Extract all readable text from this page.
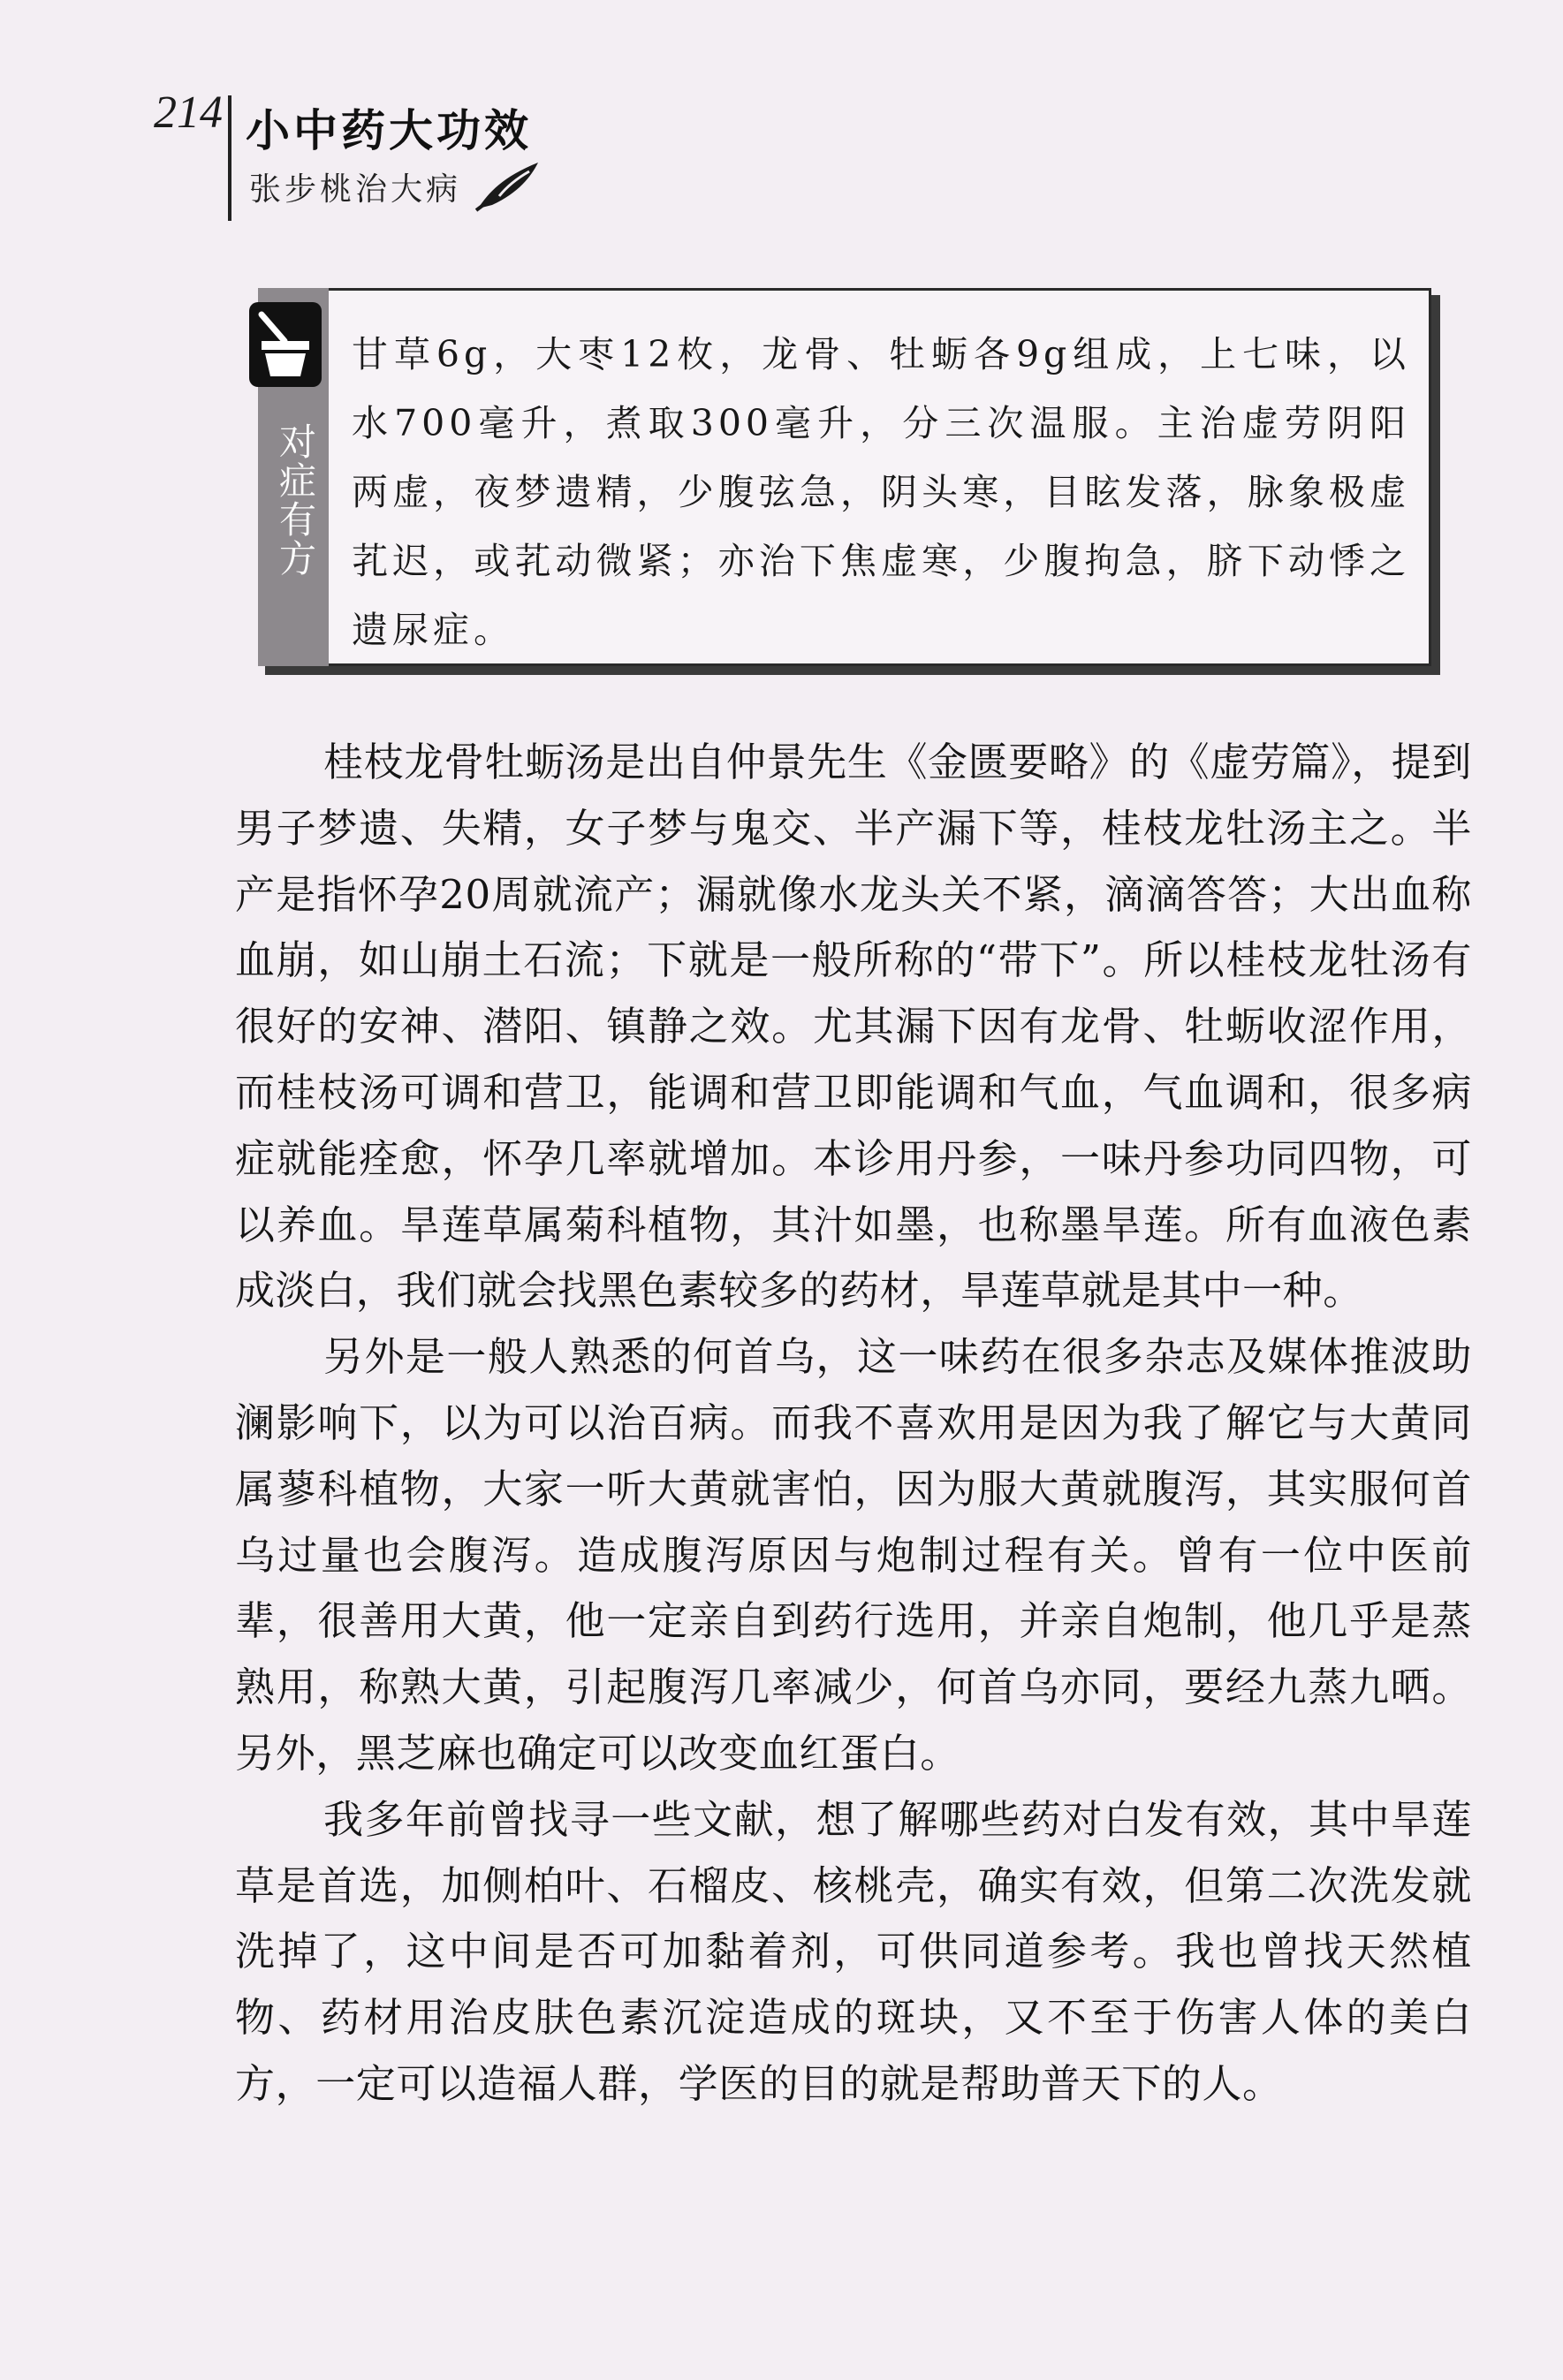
214 小中药大功效
张步桃治大病
对症有方
甘草6g，大枣12枚，龙骨、牡蛎各9g组成，上七味，以水700毫升，煮取300毫升，分三次温服。主治虚劳阴阳两虚，夜梦遗精，少腹弦急，阴头寒，目眩发落，脉象极虚芤迟，或芤动微紧；亦治下焦虚寒，少腹拘急，脐下动悸之遗尿症。

桂枝龙骨牡蛎汤是出自仲景先生《金匮要略》的《虚劳篇》，提到男子梦遗、失精，女子梦与鬼交、半产漏下等，桂枝龙牡汤主之。半产是指怀孕20周就流产；漏就像水龙头关不紧，滴滴答答；大出血称血崩，如山崩土石流；下就是一般所称的“带下”。所以桂枝龙牡汤有很好的安神、潜阳、镇静之效。尤其漏下因有龙骨、牡蛎收涩作用，而桂枝汤可调和营卫，能调和营卫即能调和气血，气血调和，很多病症就能痊愈，怀孕几率就增加。本诊用丹参，一味丹参功同四物，可以养血。旱莲草属菊科植物，其汁如墨，也称墨旱莲。所有血液色素成淡白，我们就会找黑色素较多的药材，旱莲草就是其中一种。

另外是一般人熟悉的何首乌，这一味药在很多杂志及媒体推波助澜影响下，以为可以治百病。而我不喜欢用是因为我了解它与大黄同属蓼科植物，大家一听大黄就害怕，因为服大黄就腹泻，其实服何首乌过量也会腹泻。造成腹泻原因与炮制过程有关。曾有一位中医前辈，很善用大黄，他一定亲自到药行选用，并亲自炮制，他几乎是蒸熟用，称熟大黄，引起腹泻几率减少，何首乌亦同，要经九蒸九晒。另外，黑芝麻也确定可以改变血红蛋白。

我多年前曾找寻一些文献，想了解哪些药对白发有效，其中旱莲草是首选，加侧柏叶、石榴皮、核桃壳，确实有效，但第二次洗发就洗掉了，这中间是否可加黏着剂，可供同道参考。我也曾找天然植物、药材用治皮肤色素沉淀造成的斑块，又不至于伤害人体的美白方，一定可以造福人群，学医的目的就是帮助普天下的人。
